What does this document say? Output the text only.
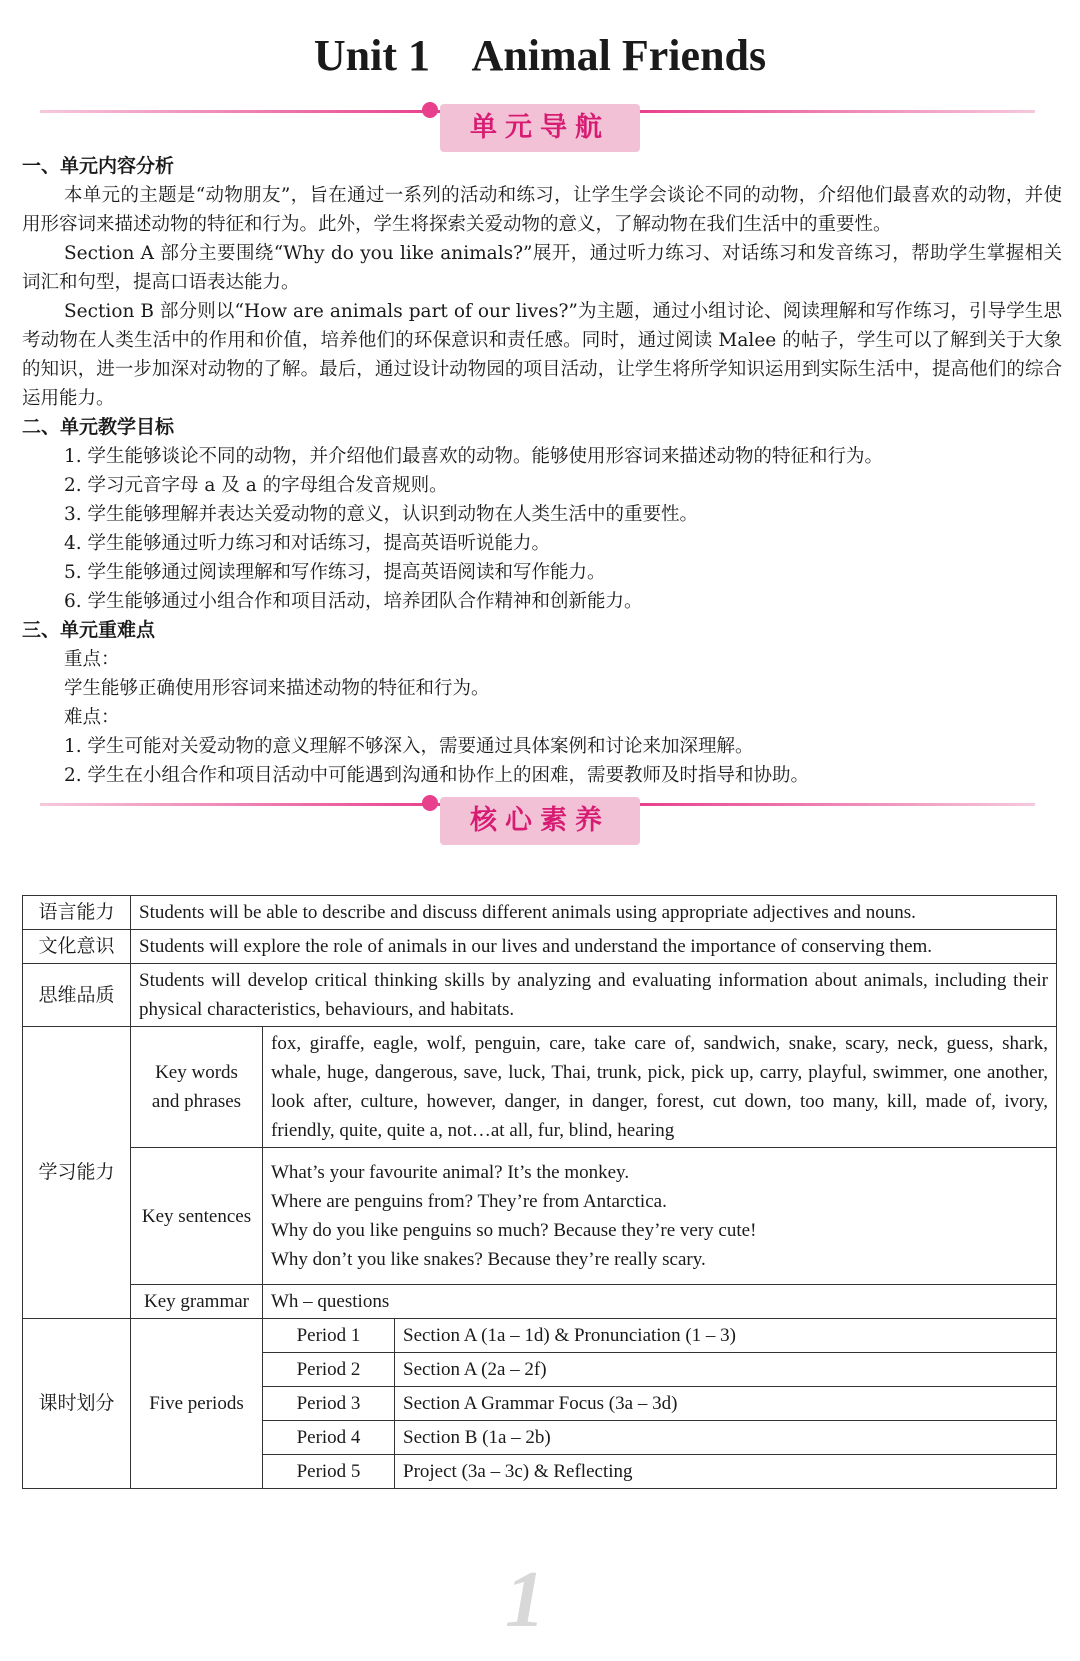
Unit 1    Animal Friends
单元导航

一、单元内容分析

本单元的主题是“动物朋友”，旨在通过一系列的活动和练习，让学生学会谈论不同的动物，介绍他们最喜欢的动物，并使用形容词来描述动物的特征和行为。此外，学生将探索关爱动物的意义，了解动物在我们生活中的重要性。

Section A 部分主要围绕“Why do you like animals?”展开，通过听力练习、对话练习和发音练习，帮助学生掌握相关词汇和句型，提高口语表达能力。

Section B 部分则以“How are animals part of our lives?”为主题，通过小组讨论、阅读理解和写作练习，引导学生思考动物在人类生活中的作用和价值，培养他们的环保意识和责任感。同时，通过阅读 Malee 的帖子，学生可以了解到关于大象的知识，进一步加深对动物的了解。最后，通过设计动物园的项目活动，让学生将所学知识运用到实际生活中，提高他们的综合运用能力。

二、单元教学目标

1. 学生能够谈论不同的动物，并介绍他们最喜欢的动物。能够使用形容词来描述动物的特征和行为。

2. 学习元音字母 a 及 a 的字母组合发音规则。

3. 学生能够理解并表达关爱动物的意义，认识到动物在人类生活中的重要性。

4. 学生能够通过听力练习和对话练习，提高英语听说能力。

5. 学生能够通过阅读理解和写作练习，提高英语阅读和写作能力。

6. 学生能够通过小组合作和项目活动，培养团队合作精神和创新能力。

三、单元重难点

重点：

学生能够正确使用形容词来描述动物的特征和行为。

难点：

1. 学生可能对关爱动物的意义理解不够深入，需要通过具体案例和讨论来加深理解。

2. 学生在小组合作和项目活动中可能遇到沟通和协作上的困难，需要教师及时指导和协助。

核心素养
语言能力	Students will be able to describe and discuss different animals using appropriate adjectives and nouns.		
文化意识	Students will explore the role of animals in our lives and understand the importance of conserving them.		
思维品质	Students will develop critical thinking skills by analyzing and evaluating information about animals, including their physical characteristics, behaviours, and habitats.		
学习能力	Key words and phrases	fox, giraffe, eagle, wolf, penguin, care, take care of, sandwich, snake, scary, neck, guess, shark, whale, huge, dangerous, save, luck, Thai, trunk, pick, pick up, carry, playful, swimmer, one another, look after, culture, however, danger, in danger, forest, cut down, too many, kill, made of, ivory, friendly, quite, quite a, not…at all, fur, blind, hearing	
	Key sentences	What’s your favourite animal? It’s the monkey.
Where are penguins from? They’re from Antarctica.
Why do you like penguins so much? Because they’re very cute!
Why don’t you like snakes? Because they’re really scary.	

	Key grammar	Wh – questions	
课时划分	Five periods	Period 1	Section A (1a – 1d) & Pronunciation (1 – 3)
		Period 2	Section A (2a – 2f)
		Period 3	Section A Grammar Focus (3a – 3d)
		Period 4	Section B (1a – 2b)
		Period 5	Project (3a – 3c) & Reflecting
1
